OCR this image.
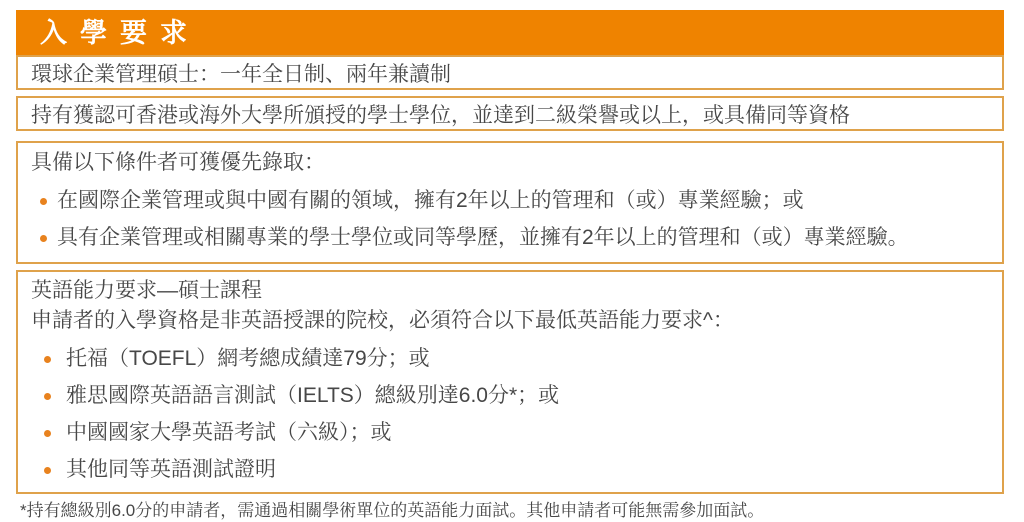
入學要求
環球企業管理碩士：一年全日制、兩年兼讀制
持有獲認可香港或海外大學所頒授的學士學位，並達到二級榮譽或以上，或具備同等資格
具備以下條件者可獲優先錄取：
在國際企業管理或與中國有關的領域，擁有2年以上的管理和（或）專業經驗；或
具有企業管理或相關專業的學士學位或同等學歷，並擁有2年以上的管理和（或）專業經驗。
英語能力要求—碩士課程
申請者的入學資格是非英語授課的院校，必須符合以下最低英語能力要求^：
托福（TOEFL）網考總成績達79分；或
雅思國際英語語言測試（IELTS）總級別達6.0分*；或
中國國家大學英語考試（六級）；或
其他同等英語測試證明
*持有總級別6.0分的申請者，需通過相關學術單位的英語能力面試。其他申請者可能無需參加面試。
